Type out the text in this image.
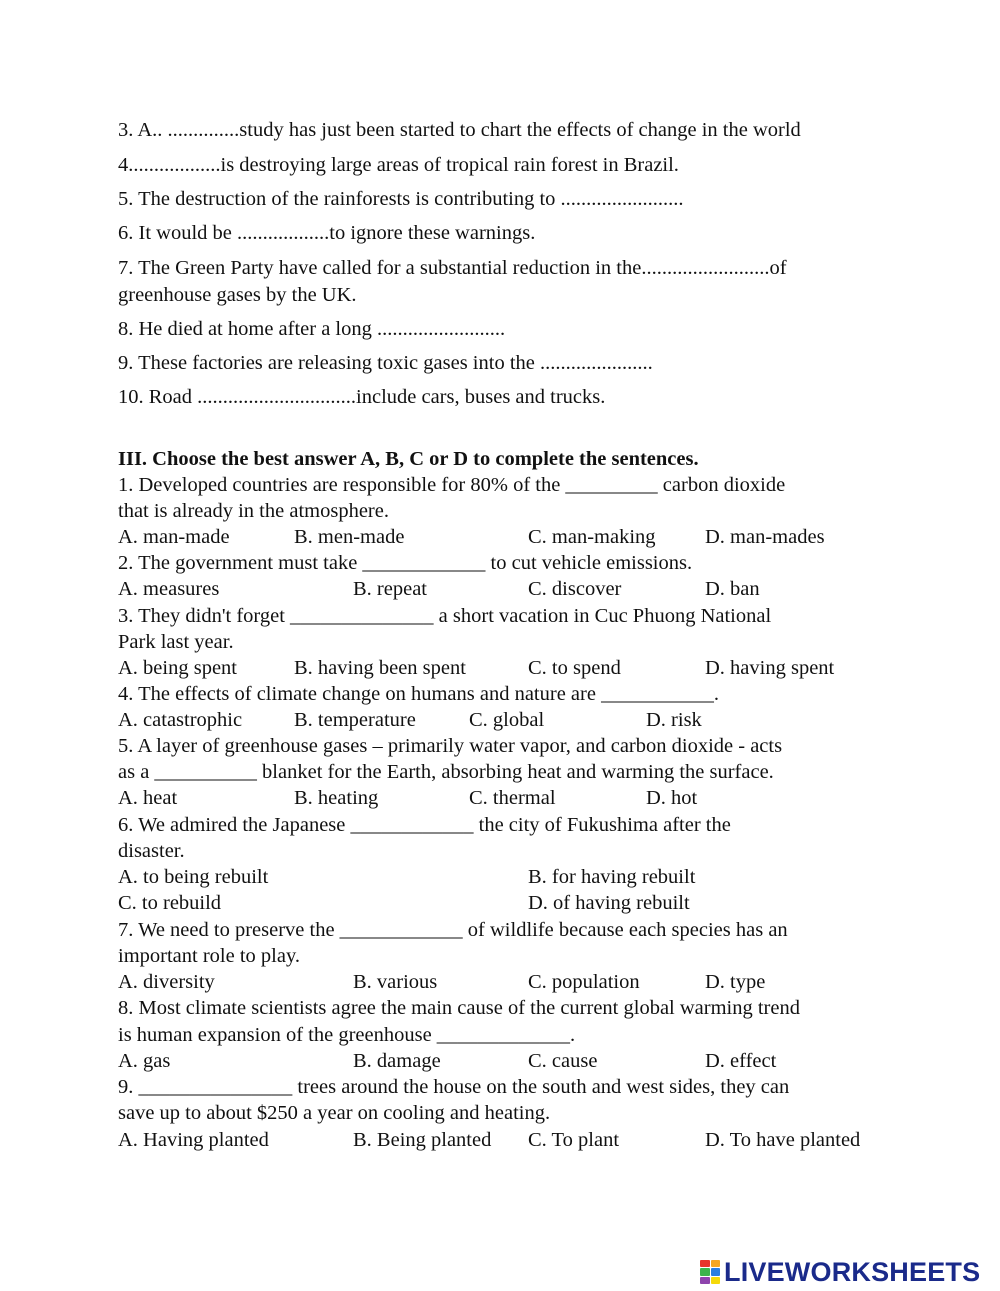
3. A.. ..............study has just been started to chart the effects of change in the world
4..................is destroying large areas of tropical rain forest in Brazil.
5. The destruction of the rainforests is contributing to ........................
6. It would be ..................to ignore these warnings.
7. The Green Party have called for a substantial reduction in the.........................of
greenhouse gases by the UK.
8. He died at home after a long .........................
9. These factories are releasing toxic gases into the ......................
10. Road ...............................include cars, buses and trucks.
III. Choose the best answer A, B, C or D to complete the sentences.
1. Developed countries are responsible for 80% of the _________ carbon dioxide
that is already in the atmosphere.
A. man-made	B. men-made	C. man-making D. man-mades
2. The government must take ____________ to cut vehicle emissions.
A. measures	B. repeat	C. discover	D. ban
3. They didn't forget ______________ a short vacation in Cuc Phuong National
Park last year.
A. being spent	B. having been spent	C. to spend	D. having spent
4. The effects of climate change on humans and nature are ___________.
A. catastrophic	B. temperature	C. global	D. risk
5. A layer of greenhouse gases – primarily water vapor, and carbon dioxide - acts
as a __________ blanket for the Earth, absorbing heat and warming the surface.
A. heat	B. heating	C. thermal	D. hot
6. We admired the Japanese ____________ the city of Fukushima after the
disaster.
A. to being rebuilt	B. for having rebuilt
C. to rebuild	D. of having rebuilt
7. We need to preserve the ____________ of wildlife because each species has an
important role to play.
A. diversity	B. various	C. population	D. type
8. Most climate scientists agree the main cause of the current global warming trend
is human expansion of the greenhouse _____________.
A. gas	B. damage	C. cause	D. effect
9. _______________ trees around the house on the south and west sides, they can
save up to about $250 a year on cooling and heating.
A. Having planted	B. Being planted C. To plant	D. To have planted
LIVEWORKSHEETS
